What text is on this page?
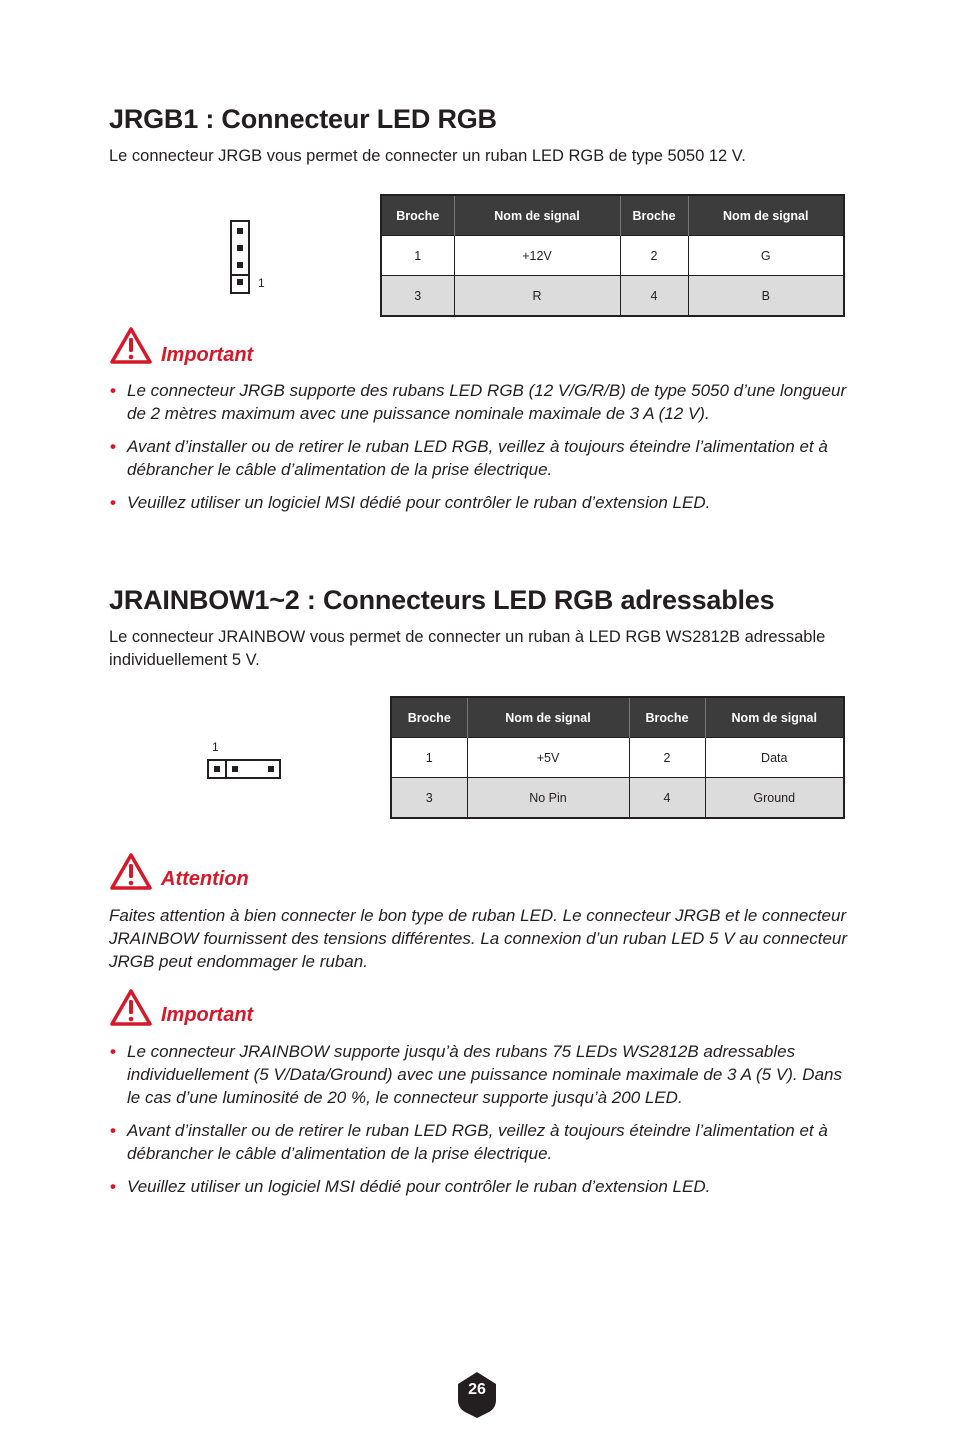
JRGB1 : Connecteur LED RGB
Le connecteur JRGB vous permet de connecter un ruban LED RGB de type 5050 12 V.
1
Broche	Nom de signal	Broche	Nom de signal
1	+12V	2	G
3	R	4	B
Important
• Le connecteur JRGB supporte des rubans LED RGB (12 V/G/R/B) de type 5050 d’une longueur de 2 mètres maximum avec une puissance nominale maximale de 3 A (12 V).
• Avant d’installer ou de retirer le ruban LED RGB, veillez à toujours éteindre l’alimentation et à débrancher le câble d’alimentation de la prise électrique.
• Veuillez utiliser un logiciel MSI dédié pour contrôler le ruban d’extension LED.
JRAINBOW1~2 : Connecteurs LED RGB adressables
Le connecteur JRAINBOW vous permet de connecter un ruban à LED RGB WS2812B adressable individuellement 5 V.
1
Broche	Nom de signal	Broche	Nom de signal
1	+5V	2	Data
3	No Pin	4	Ground
Attention
Faites attention à bien connecter le bon type de ruban LED. Le connecteur JRGB et le connecteur JRAINBOW fournissent des tensions différentes. La connexion d’un ruban LED 5 V au connecteur JRGB peut endommager le ruban.
Important
• Le connecteur JRAINBOW supporte jusqu’à des rubans 75 LEDs WS2812B adressables individuellement (5 V/Data/Ground) avec une puissance nominale maximale de 3 A (5 V). Dans le cas d’une luminosité de 20 %, le connecteur supporte jusqu’à 200 LED.
• Avant d’installer ou de retirer le ruban LED RGB, veillez à toujours éteindre l’alimentation et à débrancher le câble d’alimentation de la prise électrique.
• Veuillez utiliser un logiciel MSI dédié pour contrôler le ruban d’extension LED.
26
